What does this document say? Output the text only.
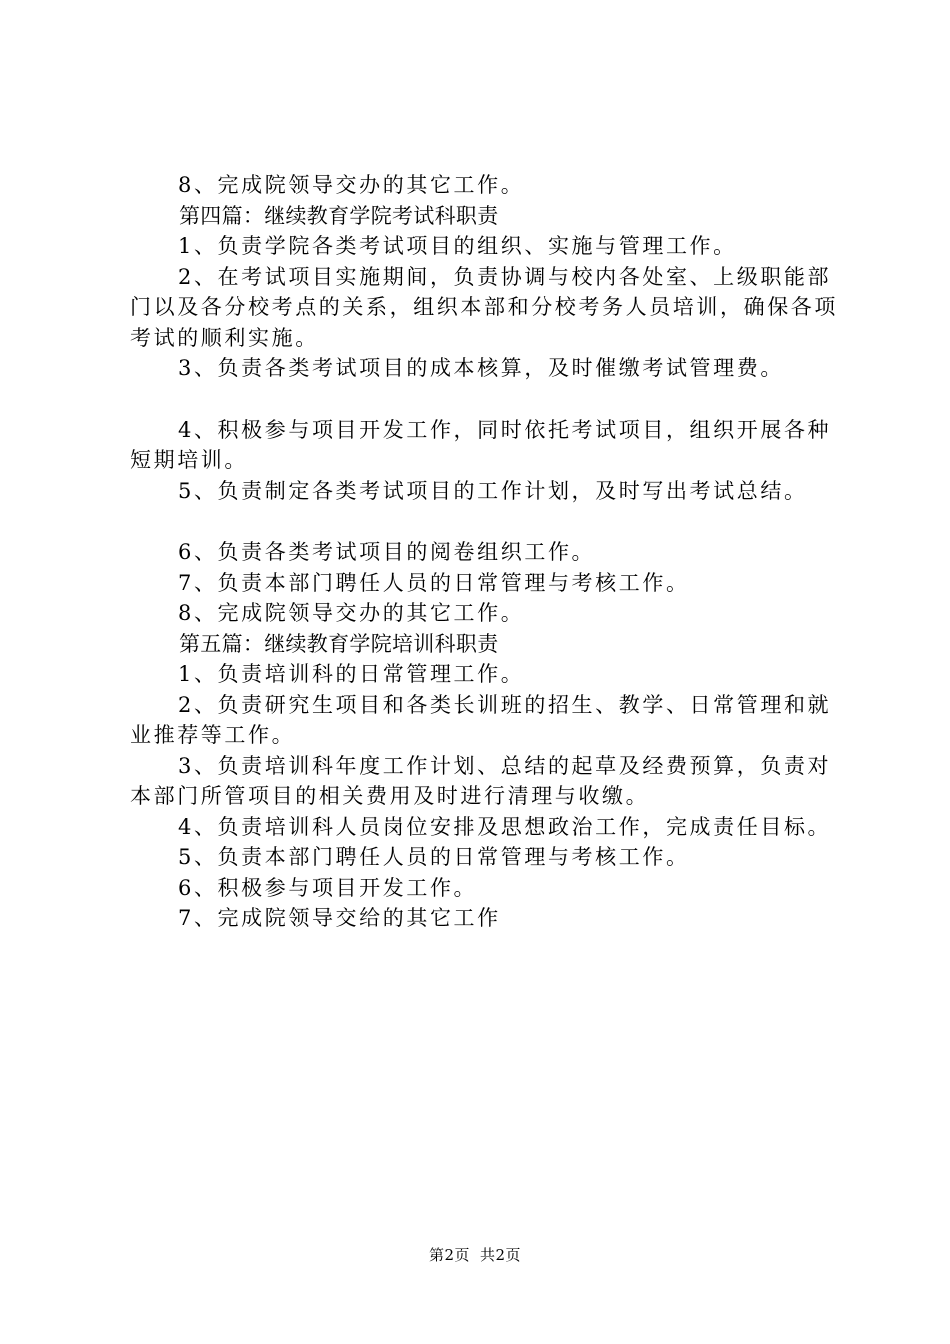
8、完成院领导交办的其它工作。

第四篇：继续教育学院考试科职责

1、负责学院各类考试项目的组织、实施与管理工作。

2、在考试项目实施期间，负责协调与校内各处室、上级职能部门以及各分校考点的关系，组织本部和分校考务人员培训，确保各项考试的顺利实施。

3、负责各类考试项目的成本核算，及时催缴考试管理费。

4、积极参与项目开发工作，同时依托考试项目，组织开展各种短期培训。

5、负责制定各类考试项目的工作计划，及时写出考试总结。

6、负责各类考试项目的阅卷组织工作。

7、负责本部门聘任人员的日常管理与考核工作。

8、完成院领导交办的其它工作。

第五篇：继续教育学院培训科职责

1、负责培训科的日常管理工作。

2、负责研究生项目和各类长训班的招生、教学、日常管理和就业推荐等工作。

3、负责培训科年度工作计划、总结的起草及经费预算，负责对本部门所管项目的相关费用及时进行清理与收缴。

4、负责培训科人员岗位安排及思想政治工作，完成责任目标。

5、负责本部门聘任人员的日常管理与考核工作。

6、积极参与项目开发工作。

7、完成院领导交给的其它工作

第2页 共2页
